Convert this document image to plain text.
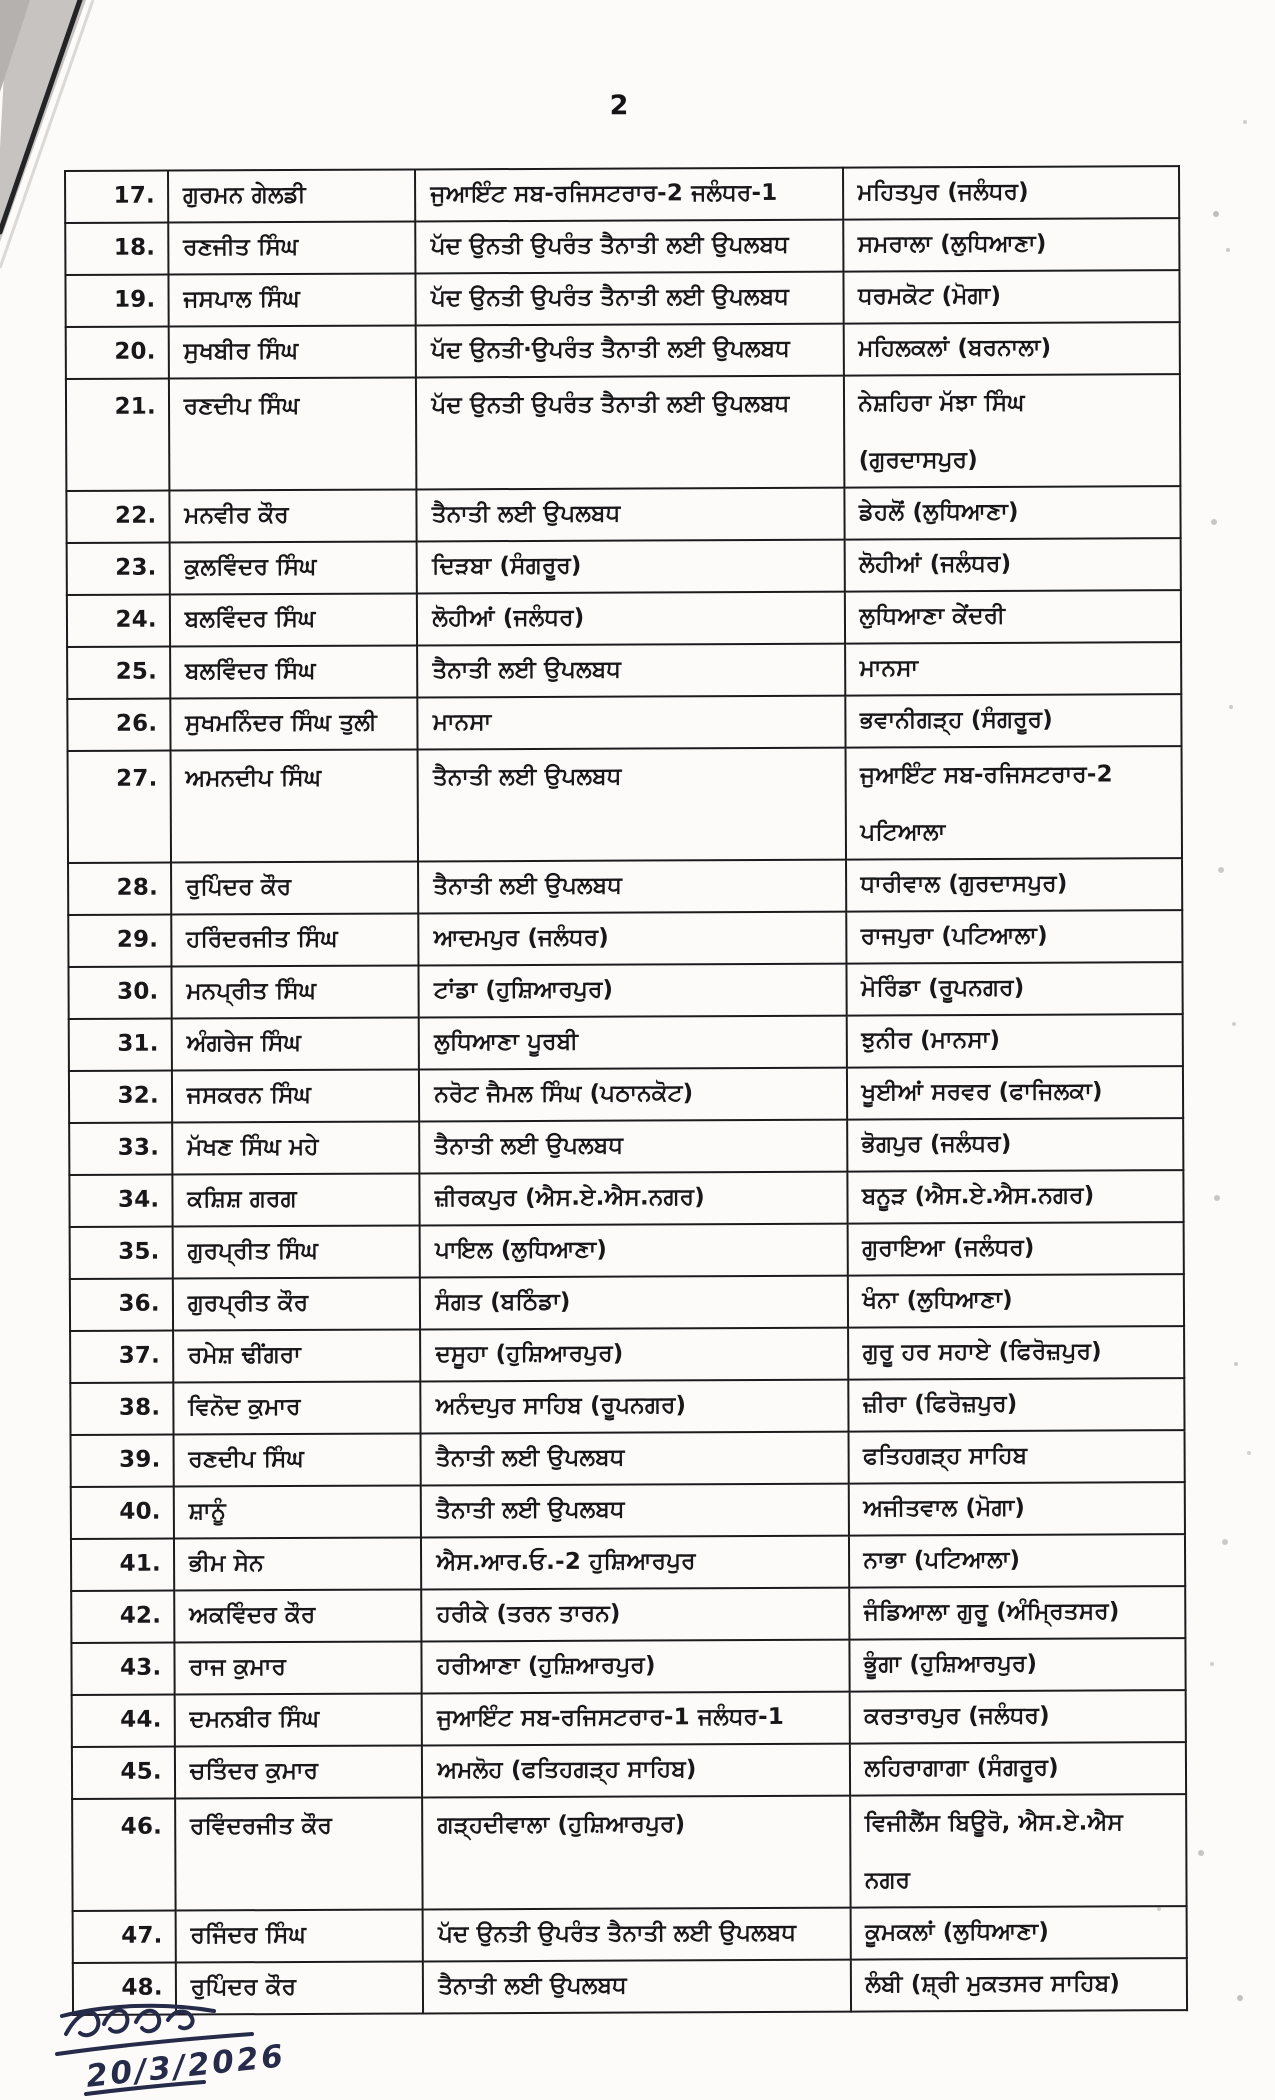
2
17.	ਗੁਰਮਨ ਗੇਲਡੀ	ਜੁਆਇੰਟ ਸਬ-ਰਜਿਸਟਰਾਰ-2 ਜਲੰਧਰ-1	ਮਹਿਤਪੁਰ (ਜਲੰਧਰ)
18.	ਰਣਜੀਤ ਸਿੰਘ	ਪੱਦ ਉਨਤੀ ਉਪਰੰਤ ਤੈਨਾਤੀ ਲਈ ਉਪਲਬਧ	ਸਮਰਾਲਾ (ਲੁਧਿਆਣਾ)
19.	ਜਸਪਾਲ ਸਿੰਘ	ਪੱਦ ਉਨਤੀ ਉਪਰੰਤ ਤੈਨਾਤੀ ਲਈ ਉਪਲਬਧ	ਧਰਮਕੋਟ (ਮੋਗਾ)
20.	ਸੁਖਬੀਰ ਸਿੰਘ	ਪੱਦ ਉਨਤੀ·ਉਪਰੰਤ ਤੈਨਾਤੀ ਲਈ ਉਪਲਬਧ	ਮਹਿਲਕਲਾਂ (ਬਰਨਾਲਾ)
21.	ਰਣਦੀਪ ਸਿੰਘ	ਪੱਦ ਉਨਤੀ ਉਪਰੰਤ ਤੈਨਾਤੀ ਲਈ ਉਪਲਬਧ	ਨੇਸ਼ਹਿਰਾ ਮੱਝਾ ਸਿੰਘ
(ਗੁਰਦਾਸਪੁਰ)

22.	ਮਨਵੀਰ ਕੌਰ	ਤੈਨਾਤੀ ਲਈ ਉਪਲਬਧ	ਡੇਹਲੋਂ (ਲੁਧਿਆਣਾ)
23.	ਕੁਲਵਿੰਦਰ ਸਿੰਘ	ਦਿੜਬਾ (ਸੰਗਰੂਰ)	ਲੋਹੀਆਂ (ਜਲੰਧਰ)
24.	ਬਲਵਿੰਦਰ ਸਿੰਘ	ਲੋਹੀਆਂ (ਜਲੰਧਰ)	ਲੁਧਿਆਣਾ ਕੇਂਦਰੀ
25.	ਬਲਵਿੰਦਰ ਸਿੰਘ	ਤੈਨਾਤੀ ਲਈ ਉਪਲਬਧ	ਮਾਨਸਾ
26.	ਸੁਖਮਨਿੰਦਰ ਸਿੰਘ ਤੁਲੀ	ਮਾਨਸਾ	ਭਵਾਨੀਗੜ੍ਹ (ਸੰਗਰੂਰ)
27.	ਅਮਨਦੀਪ ਸਿੰਘ	ਤੈਨਾਤੀ ਲਈ ਉਪਲਬਧ	ਜੁਆਇੰਟ ਸਬ-ਰਜਿਸਟਰਾਰ-2
ਪਟਿਆਲਾ

28.	ਰੁਪਿੰਦਰ ਕੌਰ	ਤੈਨਾਤੀ ਲਈ ਉਪਲਬਧ	ਧਾਰੀਵਾਲ (ਗੁਰਦਾਸਪੁਰ)
29.	ਹਰਿੰਦਰਜੀਤ ਸਿੰਘ	ਆਦਮਪੁਰ (ਜਲੰਧਰ)	ਰਾਜਪੁਰਾ (ਪਟਿਆਲਾ)
30.	ਮਨਪ੍ਰੀਤ ਸਿੰਘ	ਟਾਂਡਾ (ਹੁਸ਼ਿਆਰਪੁਰ)	ਮੋਰਿੰਡਾ (ਰੂਪਨਗਰ)
31.	ਅੰਗਰੇਜ ਸਿੰਘ	ਲੁਧਿਆਣਾ ਪੂਰਬੀ	ਝੁਨੀਰ (ਮਾਨਸਾ)
32.	ਜਸਕਰਨ ਸਿੰਘ	ਨਰੋਟ ਜੈਮਲ ਸਿੰਘ (ਪਠਾਨਕੋਟ)	ਖੂਈਆਂ ਸਰਵਰ (ਫਾਜਿਲਕਾ)
33.	ਮੱਖਣ ਸਿੰਘ ਮਹੇ	ਤੈਨਾਤੀ ਲਈ ਉਪਲਬਧ	ਭੋਗਪੁਰ (ਜਲੰਧਰ)
34.	ਕਸ਼ਿਸ਼ ਗਰਗ	ਜ਼ੀਰਕਪੁਰ (ਐਸ.ਏ.ਐਸ.ਨਗਰ)	ਬਨੂੜ (ਐਸ.ਏ.ਐਸ.ਨਗਰ)
35.	ਗੁਰਪ੍ਰੀਤ ਸਿੰਘ	ਪਾਇਲ (ਲੁਧਿਆਣਾ)	ਗੁਰਾਇਆ (ਜਲੰਧਰ)
36.	ਗੁਰਪ੍ਰੀਤ ਕੌਰ	ਸੰਗਤ (ਬਠਿੰਡਾ)	ਖੰਨਾ (ਲੁਧਿਆਣਾ)
37.	ਰਮੇਸ਼ ਢੀਂਗਰਾ	ਦਸੂਹਾ (ਹੁਸ਼ਿਆਰਪੁਰ)	ਗੁਰੂ ਹਰ ਸਹਾਏ (ਫਿਰੋਜ਼ਪੁਰ)
38.	ਵਿਨੋਦ ਕੁਮਾਰ	ਅਨੰਦਪੁਰ ਸਾਹਿਬ (ਰੂਪਨਗਰ)	ਜ਼ੀਰਾ (ਫਿਰੋਜ਼ਪੁਰ)
39.	ਰਣਦੀਪ ਸਿੰਘ	ਤੈਨਾਤੀ ਲਈ ਉਪਲਬਧ	ਫਤਿਹਗੜ੍ਹ ਸਾਹਿਬ
40.	ਸ਼ਾਨੂੰ	ਤੈਨਾਤੀ ਲਈ ਉਪਲਬਧ	ਅਜੀਤਵਾਲ (ਮੋਗਾ)
41.	ਭੀਮ ਸੇਨ	ਐਸ.ਆਰ.ਓ.-2 ਹੁਸ਼ਿਆਰਪੁਰ	ਨਾਭਾ (ਪਟਿਆਲਾ)
42.	ਅਕਵਿੰਦਰ ਕੌਰ	ਹਰੀਕੇ (ਤਰਨ ਤਾਰਨ)	ਜੰਡਿਆਲਾ ਗੁਰੂ (ਅੰਮ੍ਰਿਤਸਰ)
43.	ਰਾਜ ਕੁਮਾਰ	ਹਰੀਆਣਾ (ਹੁਸ਼ਿਆਰਪੁਰ)	ਭੂੰਗਾ (ਹੁਸ਼ਿਆਰਪੁਰ)
44.	ਦਮਨਬੀਰ ਸਿੰਘ	ਜੁਆਇੰਟ ਸਬ-ਰਜਿਸਟਰਾਰ-1 ਜਲੰਧਰ-1	ਕਰਤਾਰਪੁਰ (ਜਲੰਧਰ)
45.	ਚਤਿੰਦਰ ਕੁਮਾਰ	ਅਮਲੋਹ (ਫਤਿਹਗੜ੍ਹ ਸਾਹਿਬ)	ਲਹਿਰਾਗਾਗਾ (ਸੰਗਰੂਰ)
46.	ਰਵਿੰਦਰਜੀਤ ਕੌਰ	ਗੜ੍ਹਦੀਵਾਲਾ (ਹੁਸ਼ਿਆਰਪੁਰ)	ਵਿਜੀਲੈਂਸ ਬਿਊਰੋ, ਐਸ.ਏ.ਐਸ
ਨਗਰ

47.	ਰਜਿੰਦਰ ਸਿੰਘ	ਪੱਦ ਉਨਤੀ ਉਪਰੰਤ ਤੈਨਾਤੀ ਲਈ ਉਪਲਬਧ	ਕੂਮਕਲਾਂ (ਲੁਧਿਆਣਾ)
48.	ਰੁਪਿੰਦਰ ਕੌਰ	ਤੈਨਾਤੀ ਲਈ ਉਪਲਬਧ	ਲੰਬੀ (ਸ਼੍ਰੀ ਮੁਕਤਸਰ ਸਾਹਿਬ)
20/3/2026
